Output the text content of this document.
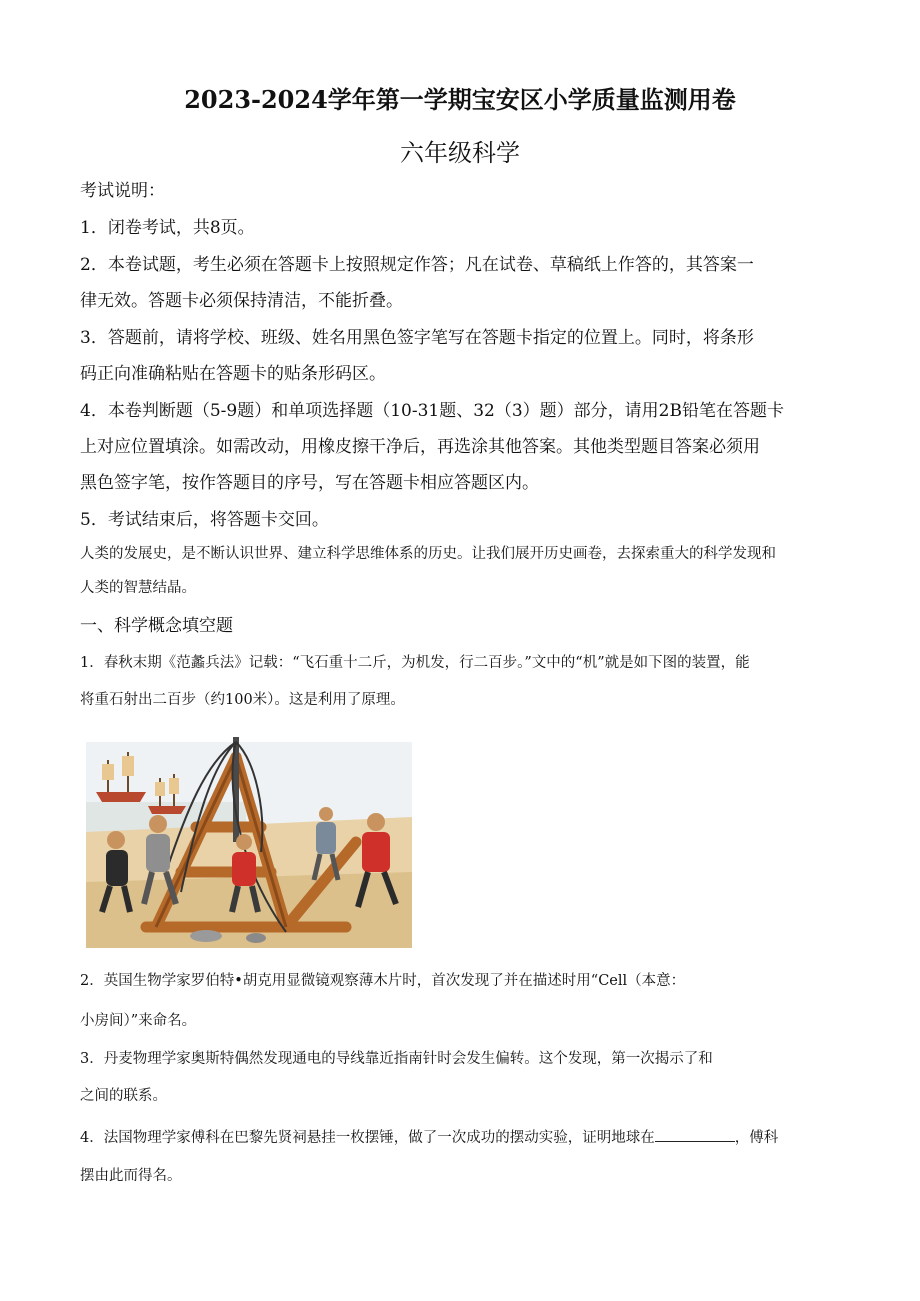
2023-2024学年第一学期宝安区小学质量监测用卷
六年级科学
考试说明：
1．闭卷考试，共8页。
2．本卷试题，考生必须在答题卡上按照规定作答；凡在试卷、草稿纸上作答的，其答案一
律无效。答题卡必须保持清洁，不能折叠。
3．答题前，请将学校、班级、姓名用黑色签字笔写在答题卡指定的位置上。同时，将条形
码正向准确粘贴在答题卡的贴条形码区。
4．本卷判断题（5-9题）和单项选择题（10-31题、32（3）题）部分，请用2B铅笔在答题卡
上对应位置填涂。如需改动，用橡皮擦干净后，再选涂其他答案。其他类型题目答案必须用
黑色签字笔，按作答题目的序号，写在答题卡相应答题区内。
5．考试结束后，将答题卡交回。
人类的发展史，是不断认识世界、建立科学思维体系的历史。让我们展开历史画卷，去探索重大的科学发现和
人类的智慧结晶。
一、科学概念填空题
1．春秋末期《范蠡兵法》记载：“飞石重十二斤，为机发，行二百步。”文中的“机”就是如下图的装置，能
将重石射出二百步（约100米）。这是利用了原理。
2．英国生物学家罗伯特•胡克用显微镜观察薄木片时，首次发现了并在描述时用“Cell（本意：
小房间）”来命名。
3．丹麦物理学家奥斯特偶然发现通电的导线靠近指南针时会发生偏转。这个发现，第一次揭示了和
之间的联系。
4．法国物理学家傅科在巴黎先贤祠悬挂一枚摆锤，做了一次成功的摆动实验，证明地球在	，傅科
摆由此而得名。
